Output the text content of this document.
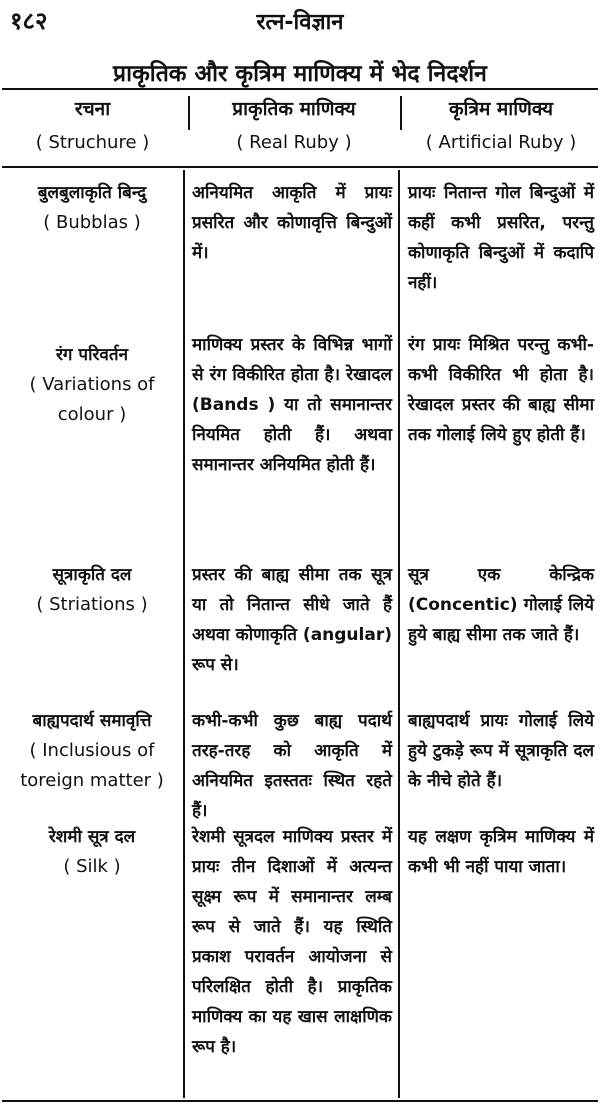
१८२	रत्न-विज्ञान
प्राकृतिक और कृत्रिम माणिक्य में भेद निदर्शन
रचना
( Struchure )
प्राकृतिक माणिक्य
( Real Ruby )
कृत्रिम माणिक्य
( Artificial Ruby )
बुलबुलाकृति बिन्दु
( Bubblas )
अनियमित आकृति में प्रायः प्रसरित और कोणावृत्ति बिन्दुओं में।
प्रायः नितान्त गोल बिन्दुओं में कहीं कभी प्रसरित, परन्तु कोणाकृति बिन्दुओं में कदापि नहीं।
रंग परिवर्तन
( Variations of colour )
माणिक्य प्रस्तर के विभिन्न भागों से रंग विकीरित होता है। रेखादल (Bands ) या तो समानान्तर नियमित होती हैं। अथवा समानान्तर अनियमित होती हैं।
रंग प्रायः मिश्रित परन्तु कभी-कभी विकीरित भी होता है। रेखादल प्रस्तर की बाह्य सीमा तक गोलाई लिये हुए होती हैं।
सूत्राकृति दल
( Striations )
प्रस्तर की बाह्य सीमा तक सूत्र या तो नितान्त सीधे जाते हैं अथवा कोणाकृति (angular) रूप से।
सूत्र एक केन्द्रिक (Concentic) गोलाई लिये हुये बाह्य सीमा तक जाते हैं।
बाह्यपदार्थ समावृत्ति
( Inclusious of toreign matter )
कभी-कभी कुछ बाह्य पदार्थ तरह-तरह को आकृति में अनियमित इतस्ततः स्थित रहते हैं।
बाह्यपदार्थ प्रायः गोलाई लिये हुये टुकड़े रूप में सूत्राकृति दल के नीचे होते हैं।
रेशमी सूत्र दल
( Silk )
रेशमी सूत्रदल माणिक्य प्रस्तर में प्रायः तीन दिशाओं में अत्यन्त सूक्ष्म रूप में समानान्तर लम्ब रूप से जाते हैं। यह स्थिति प्रकाश परावर्तन आयोजना से परिलक्षित होती है। प्राकृतिक माणिक्य का यह खास लाक्षणिक रूप है।
यह लक्षण कृत्रिम माणिक्य में कभी भी नहीं पाया जाता।
